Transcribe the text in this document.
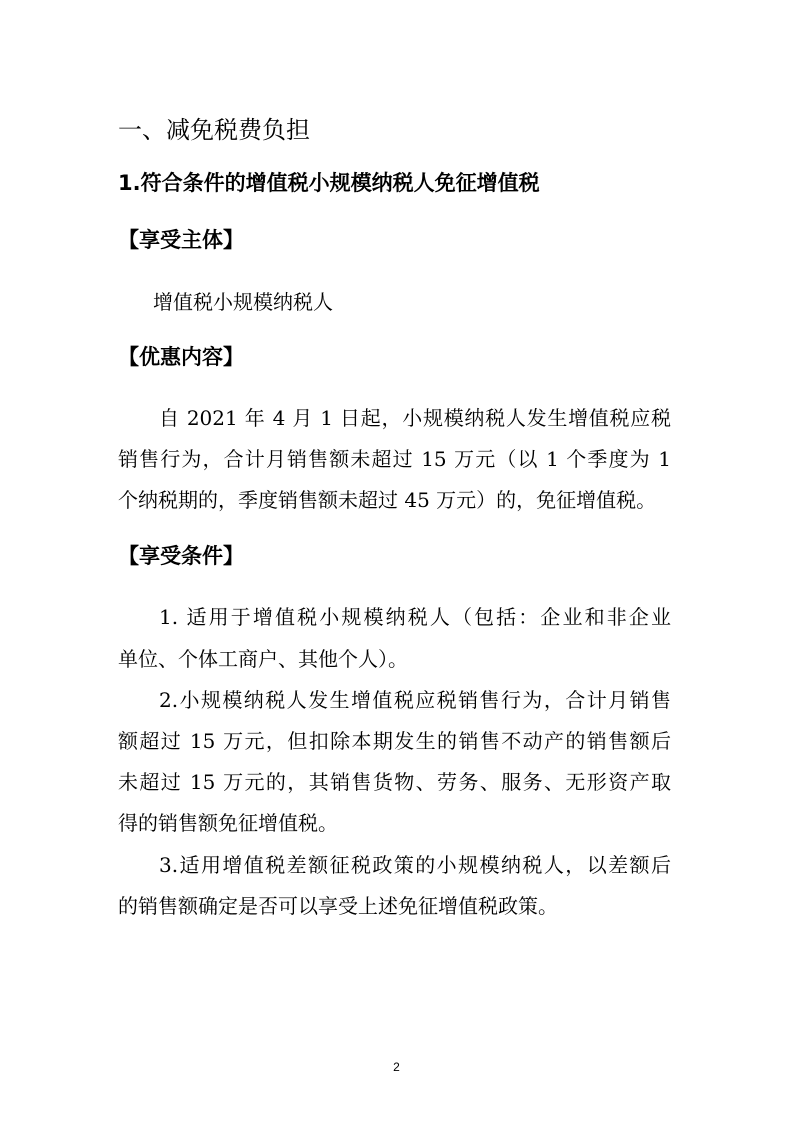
一、减免税费负担
1.符合条件的增值税小规模纳税人免征增值税
【享受主体】
增值税小规模纳税人
【优惠内容】
自 2021 年 4 月 1 日起，小规模纳税人发生增值税应税
销售行为，合计月销售额未超过 15 万元（以 1 个季度为 1
个纳税期的，季度销售额未超过 45 万元）的，免征增值税。
【享受条件】
1. 适用于增值税小规模纳税人（包括：企业和非企业
单位、个体工商户、其他个人）。
2.小规模纳税人发生增值税应税销售行为，合计月销售
额超过 15 万元，但扣除本期发生的销售不动产的销售额后
未超过 15 万元的，其销售货物、劳务、服务、无形资产取
得的销售额免征增值税。
3.适用增值税差额征税政策的小规模纳税人，以差额后
的销售额确定是否可以享受上述免征增值税政策。
2
